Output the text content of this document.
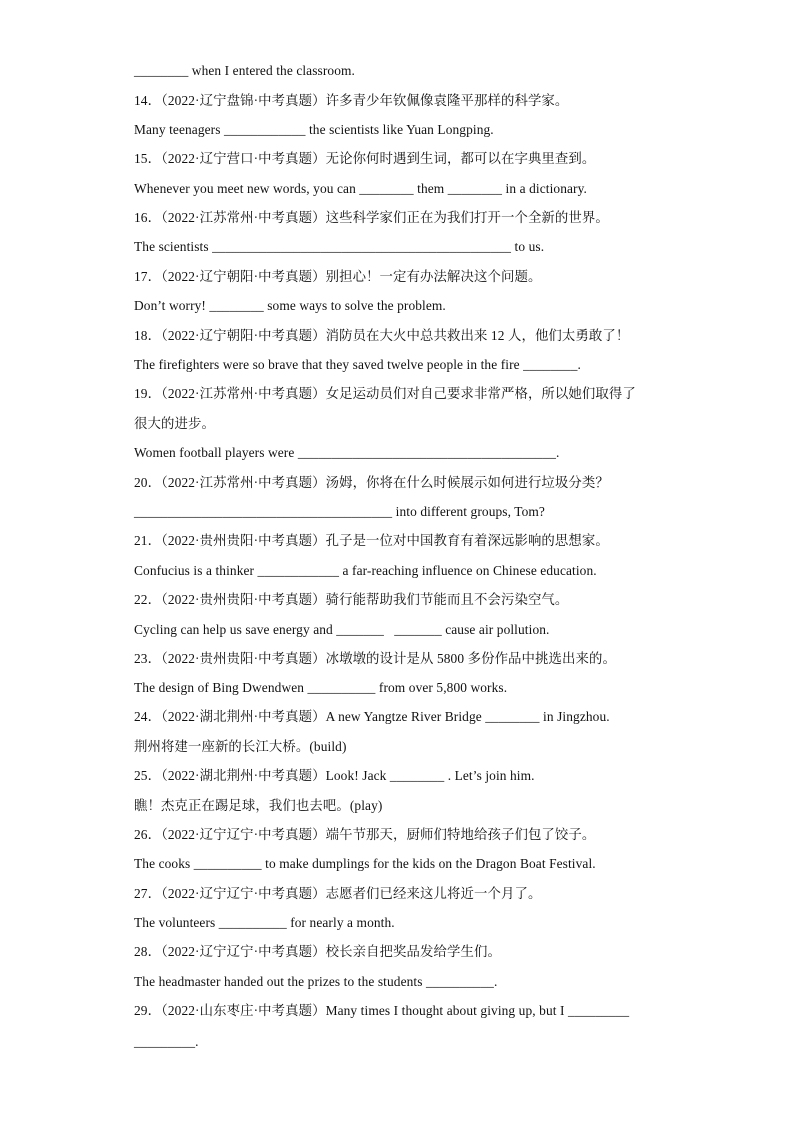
________ when I entered the classroom.
14．（2022·辽宁盘锦·中考真题）许多青少年钦佩像袁隆平那样的科学家。
Many teenagers ____________ the scientists like Yuan Longping.
15．（2022·辽宁营口·中考真题）无论你何时遇到生词，都可以在字典里查到。
Whenever you meet new words, you can ________ them ________ in a dictionary.
16．（2022·江苏常州·中考真题）这些科学家们正在为我们打开一个全新的世界。
The scientists ____________________________________________ to us.
17．（2022·辽宁朝阳·中考真题）别担心！一定有办法解决这个问题。
Don’t worry! ________ some ways to solve the problem.
18．（2022·辽宁朝阳·中考真题）消防员在大火中总共救出来 12 人，他们太勇敢了！
The firefighters were so brave that they saved twelve people in the fire ________.
19．（2022·江苏常州·中考真题）女足运动员们对自己要求非常严格，所以她们取得了
很大的进步。
Women football players were ______________________________________.
20．（2022·江苏常州·中考真题）汤姆，你将在什么时候展示如何进行垃圾分类？
______________________________________ into different groups, Tom?
21．（2022·贵州贵阳·中考真题）孔子是一位对中国教育有着深远影响的思想家。
Confucius is a thinker ____________ a far-reaching influence on Chinese education.
22．（2022·贵州贵阳·中考真题）骑行能帮助我们节能而且不会污染空气。
Cycling can help us save energy and _______   _______ cause air pollution.
23．（2022·贵州贵阳·中考真题）冰墩墩的设计是从 5800 多份作品中挑选出来的。
The design of Bing Dwendwen __________ from over 5,800 works.
24．（2022·湖北荆州·中考真题）A new Yangtze River Bridge ________ in Jingzhou.
荆州将建一座新的长江大桥。(build)
25．（2022·湖北荆州·中考真题）Look! Jack ________ . Let’s join him.
瞧！杰克正在踢足球，我们也去吧。(play)
26．（2022·辽宁辽宁·中考真题）端午节那天，厨师们特地给孩子们包了饺子。
The cooks __________ to make dumplings for the kids on the Dragon Boat Festival.
27．（2022·辽宁辽宁·中考真题）志愿者们已经来这儿将近一个月了。
The volunteers __________ for nearly a month.
28．（2022·辽宁辽宁·中考真题）校长亲自把奖品发给学生们。
The headmaster handed out the prizes to the students __________.
29．（2022·山东枣庄·中考真题）Many times I thought about giving up, but I _________
_________.
